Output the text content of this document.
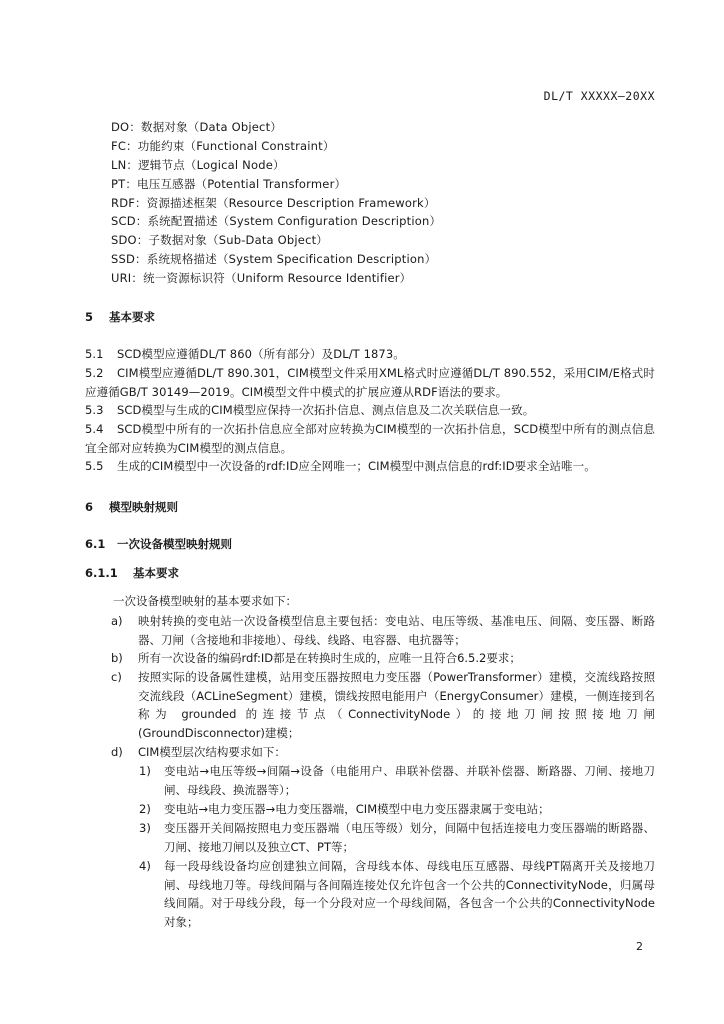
DL/T XXXXX—20XX
DO：数据对象（Data Object）
FC：功能约束（Functional Constraint）
LN：逻辑节点（Logical Node）
PT：电压互感器（Potential Transformer）
RDF：资源描述框架（Resource Description Framework）
SCD：系统配置描述（System Configuration Description）
SDO：子数据对象（Sub-Data Object）
SSD：系统规格描述（System Specification Description）
URI：统一资源标识符（Uniform Resource Identifier）
5 基本要求
5.1 SCD模型应遵循DL/T 860（所有部分）及DL/T 1873。
5.2 CIM模型应遵循DL/T 890.301，CIM模型文件采用XML格式时应遵循DL/T 890.552，采用CIM/E格式时应遵循GB/T 30149—2019。CIM模型文件中模式的扩展应遵从RDF语法的要求。
5.3 SCD模型与生成的CIM模型应保持一次拓扑信息、测点信息及二次关联信息一致。
5.4 SCD模型中所有的一次拓扑信息应全部对应转换为CIM模型的一次拓扑信息，SCD模型中所有的测点信息宜全部对应转换为CIM模型的测点信息。
5.5 生成的CIM模型中一次设备的rdf:ID应全网唯一；CIM模型中测点信息的rdf:ID要求全站唯一。
6 模型映射规则
6.1 一次设备模型映射规则
6.1.1 基本要求
一次设备模型映射的基本要求如下：
a) 映射转换的变电站一次设备模型信息主要包括：变电站、电压等级、基准电压、间隔、变压器、断路器、刀闸（含接地和非接地）、母线、线路、电容器、电抗器等；
b) 所有一次设备的编码rdf:ID都是在转换时生成的，应唯一且符合6.5.2要求；
c) 按照实际的设备属性建模，站用变压器按照电力变压器（PowerTransformer）建模，交流线路按照交流线段（ACLineSegment）建模，馈线按照电能用户（EnergyConsumer）建模，一侧连接到名称为 grounded 的连接节点（ConnectivityNode）的接地刀闸按照接地刀闸(GroundDisconnector)建模；
d) CIM模型层次结构要求如下：
1) 变电站→电压等级→间隔→设备（电能用户、串联补偿器、并联补偿器、断路器、刀闸、接地刀闸、母线段、换流器等）；
2) 变电站→电力变压器→电力变压器端，CIM模型中电力变压器隶属于变电站；
3) 变压器开关间隔按照电力变压器端（电压等级）划分，间隔中包括连接电力变压器端的断路器、刀闸、接地刀闸以及独立CT、PT等；
4) 每一段母线设备均应创建独立间隔，含母线本体、母线电压互感器、母线PT隔离开关及接地刀闸、母线地刀等。母线间隔与各间隔连接处仅允许包含一个公共的ConnectivityNode，归属母线间隔。对于母线分段，每一个分段对应一个母线间隔，各包含一个公共的ConnectivityNode对象；
2
